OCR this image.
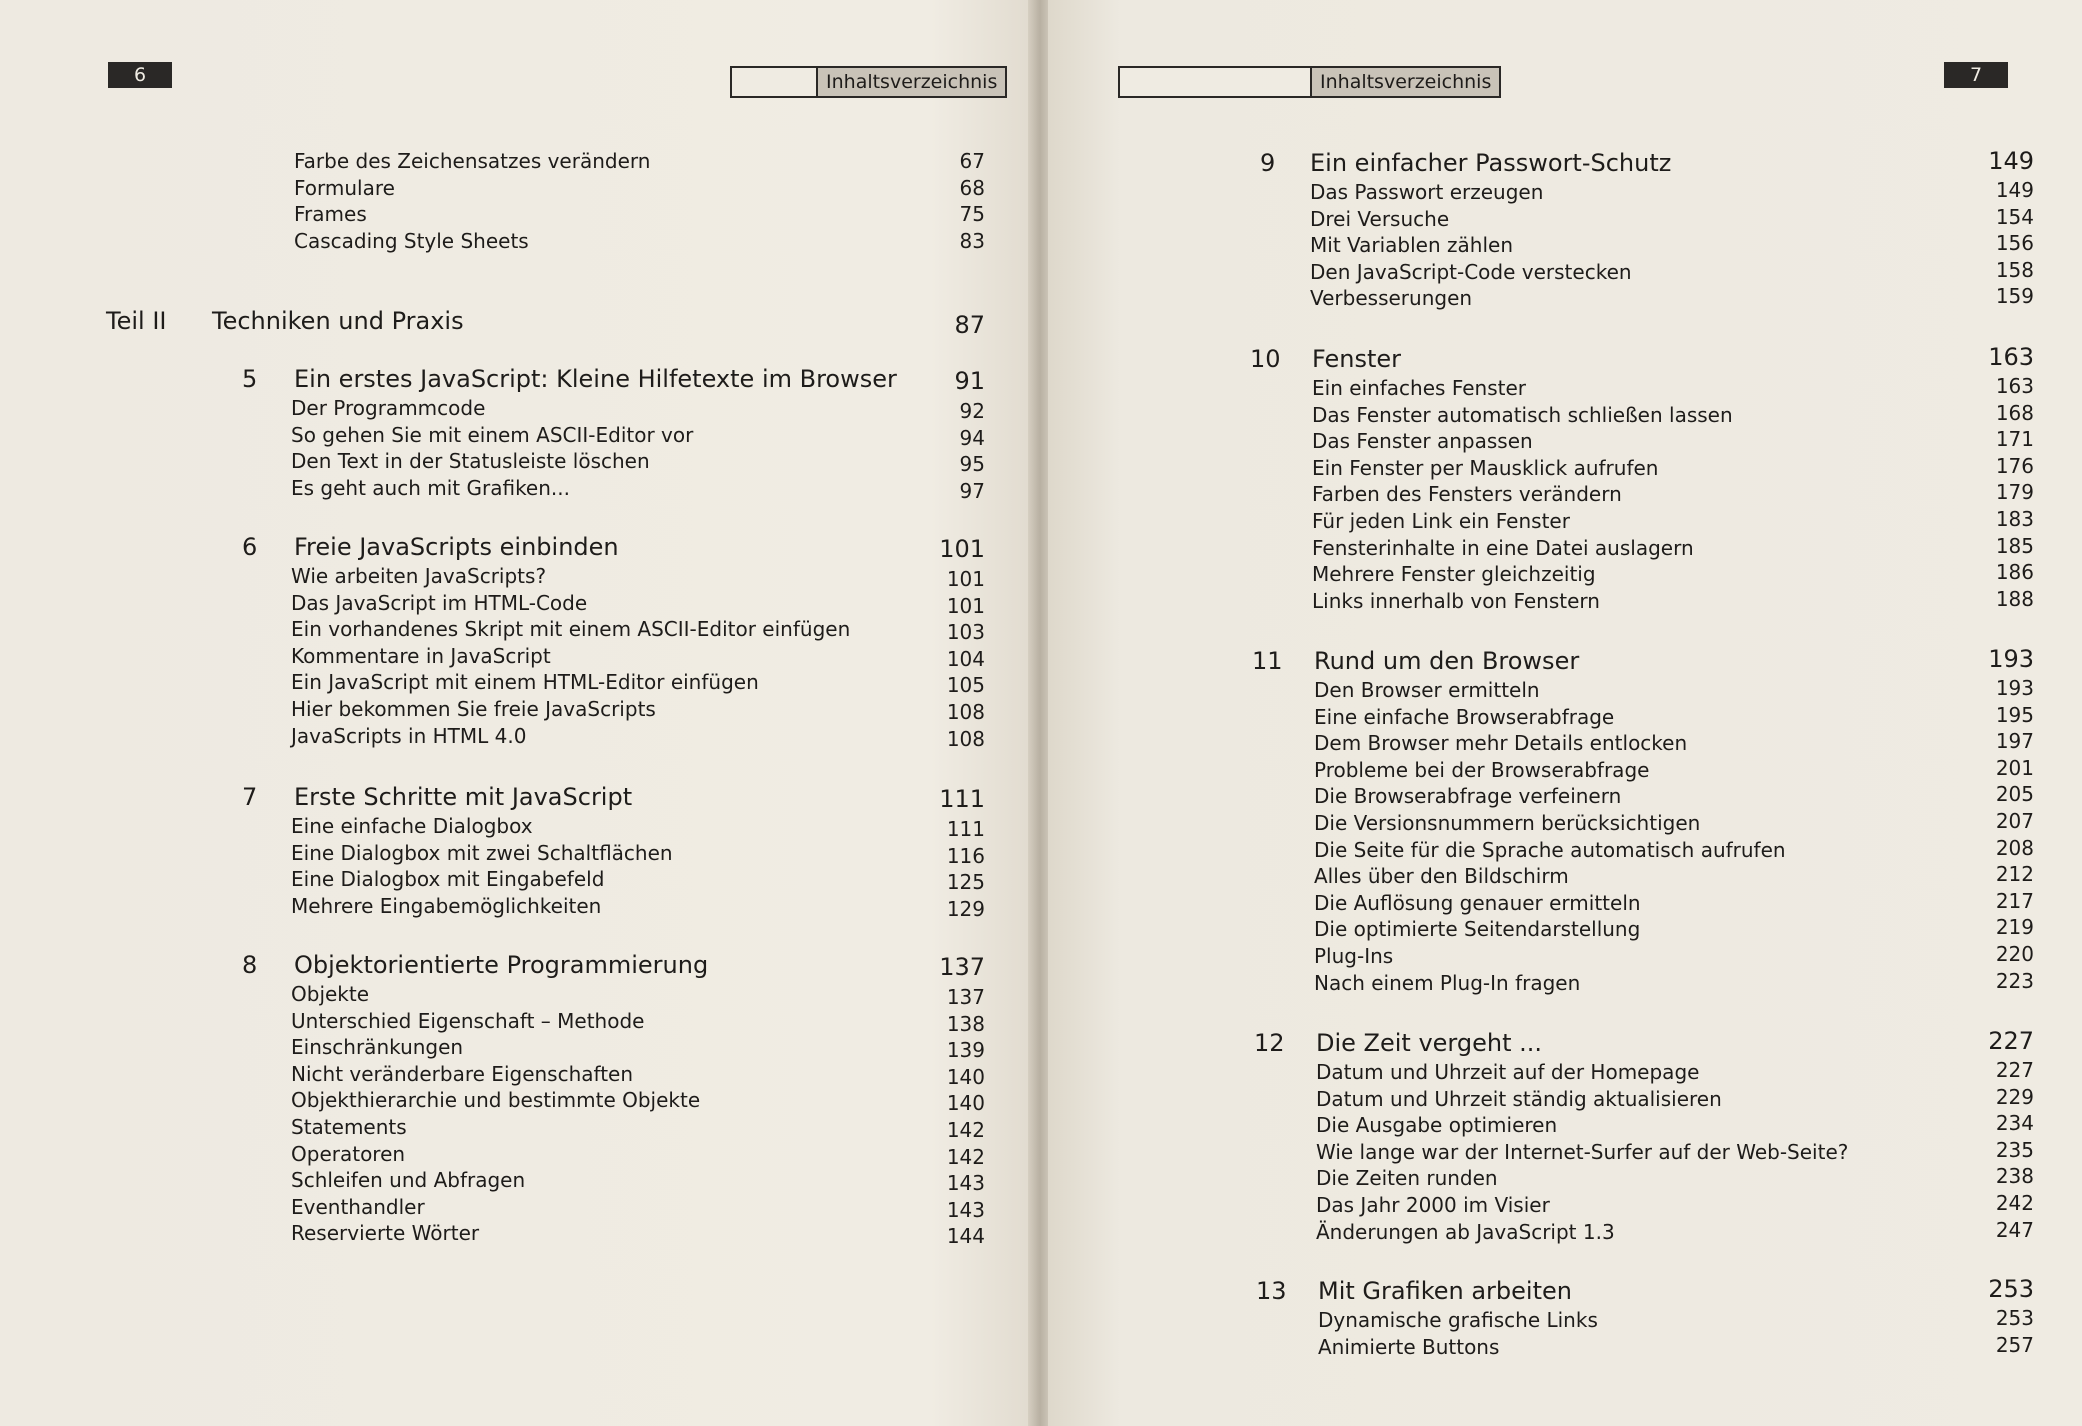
6	Inhaltsverzeichnis
Farbe des Zeichensatzes verändern	67
Formulare	68
Frames	75
Cascading Style Sheets	83
Teil II Techniken und Praxis	87
5 Ein erstes JavaScript: Kleine Hilfetexte im Browser 91
Der Programmcode	92
So gehen Sie mit einem ASCII-Editor vor	94
Den Text in der Statusleiste löschen	95
Es geht auch mit Grafiken...	97
6 Freie JavaScripts einbinden	101
Wie arbeiten JavaScripts?	101
Das JavaScript im HTML-Code	101
Ein vorhandenes Skript mit einem ASCII-Editor einfügen	103
Kommentare in JavaScript	104
Ein JavaScript mit einem HTML-Editor einfügen	105
Hier bekommen Sie freie JavaScripts	108
JavaScripts in HTML 4.0	108
7 Erste Schritte mit JavaScript	111
Eine einfache Dialogbox	111
Eine Dialogbox mit zwei Schaltflächen	116
Eine Dialogbox mit Eingabefeld	125
Mehrere Eingabemöglichkeiten	129
8 Objektorientierte Programmierung	137
Objekte	137
Unterschied Eigenschaft – Methode	138
Einschränkungen	139
Nicht veränderbare Eigenschaften	140
Objekthierarchie und bestimmte Objekte	140
Statements	142
Operatoren	142
Schleifen und Abfragen	143
Eventhandler	143
Reservierte Wörter	144
Inhaltsverzeichnis	7
9 Ein einfacher Passwort-Schutz	149
Das Passwort erzeugen	149
Drei Versuche	154
Mit Variablen zählen	156
Den JavaScript-Code verstecken	158
Verbesserungen	159
10 Fenster	163
Ein einfaches Fenster	163
Das Fenster automatisch schließen lassen	168
Das Fenster anpassen	171
Ein Fenster per Mausklick aufrufen	176
Farben des Fensters verändern	179
Für jeden Link ein Fenster	183
Fensterinhalte in eine Datei auslagern	185
Mehrere Fenster gleichzeitig	186
Links innerhalb von Fenstern	188
11 Rund um den Browser	193
Den Browser ermitteln	193
Eine einfache Browserabfrage	195
Dem Browser mehr Details entlocken	197
Probleme bei der Browserabfrage	201
Die Browserabfrage verfeinern	205
Die Versionsnummern berücksichtigen	207
Die Seite für die Sprache automatisch aufrufen	208
Alles über den Bildschirm	212
Die Auflösung genauer ermitteln	217
Die optimierte Seitendarstellung	219
Plug-Ins	220
Nach einem Plug-In fragen	223
12 Die Zeit vergeht ...	227
Datum und Uhrzeit auf der Homepage	227
Datum und Uhrzeit ständig aktualisieren	229
Die Ausgabe optimieren	234
Wie lange war der Internet-Surfer auf der Web-Seite?	235
Die Zeiten runden	238
Das Jahr 2000 im Visier	242
Änderungen ab JavaScript 1.3	247
13 Mit Grafiken arbeiten	253
Dynamische grafische Links	253
Animierte Buttons	257
